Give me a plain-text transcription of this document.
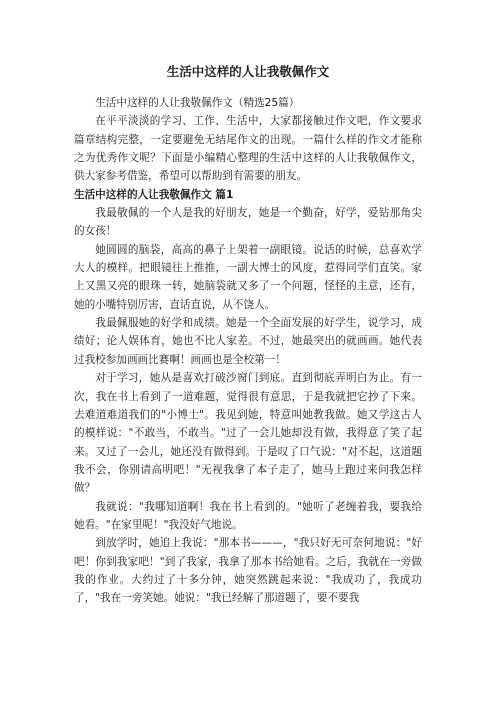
生活中这样的人让我敬佩作文

生活中这样的人让我敬佩作文（精选25篇）

在平平淡淡的学习、工作、生活中，大家都接触过作文吧，作文要求篇章结构完整，一定要避免无结尾作文的出现。一篇什么样的作文才能称之为优秀作文呢？下面是小编精心整理的生活中这样的人让我敬佩作文，供大家参考借鉴，希望可以帮助到有需要的朋友。

生活中这样的人让我敬佩作文 篇1

我最敬佩的一个人是我的好朋友，她是一个勤奋，好学，爱钻那角尖的女孩！

她圆圆的脑袋，高高的鼻子上架着一副眼镜。说话的时候，总喜欢学大人的模样。把眼镜往上推推，一副大博士的风度，惹得同学们直笑。家上又黑又亮的眼珠一转，她脑袋就又多了一个问题，怪怪的主意，还有，她的小嘴特别厉害，直话直说，从不饶人。

我最佩服她的好学和成绩。她是一个全面发展的好学生，说学习，成绩好；论人娱体育，她也不比人家差。不过，她最突出的就画画。她代表过我校参加画画比赛啊！画画也是全校第一！

对于学习，她从是喜欢打破沙窗门到底。直到彻底弄明白为止。有一次，我在书上看到了一道难题，觉得很有意思，于是我就把它抄了下来。去难道难道我们的"小博士"。我见到她，特意叫她教我做。她又学这古人的模样说："不敢当，不敢当。"过了一会儿她却没有做，我得意了笑了起来。又过了一会儿，她还没有做得到。于是叹了口气说："对不起，这道题我不会，你别请高明吧！"无视我拿了本子走了，她马上跑过来问我怎样做？

我就说："我哪知道啊！我在书上看到的。"她听了老缠着我，要我给她看。"在家里呢！"我没好气地说。

到放学时，她追上我说："那本书———，"我只好无可奈何地说："好吧！你到我家吧！"到了我家，我拿了那本书给她看。之后，我就在一旁做我的作业。大约过了十多分钟，她突然跳起来说："我成功了，我成功了，"我在一旁笑她。她说："我已经解了那道题了，要不要我
